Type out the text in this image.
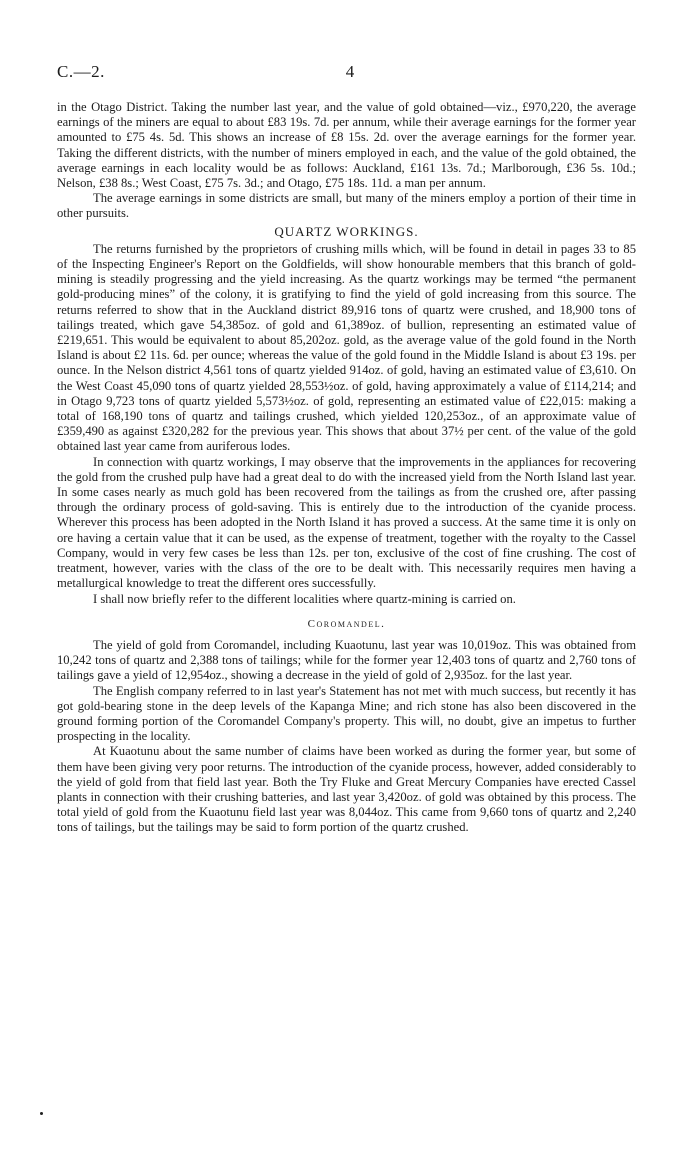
C.—2.	4

in the Otago District. Taking the number last year, and the value of gold obtained—viz., £970,220, the average earnings of the miners are equal to about £83 19s. 7d. per annum, while their average earnings for the former year amounted to £75 4s. 5d. This shows an increase of £8 15s. 2d. over the average earnings for the former year. Taking the different districts, with the number of miners employed in each, and the value of the gold obtained, the average earnings in each locality would be as follows: Auckland, £161 13s. 7d.; Marlborough, £36 5s. 10d.; Nelson, £38 8s.; West Coast, £75 7s. 3d.; and Otago, £75 18s. 11d. a man per annum.

The average earnings in some districts are small, but many of the miners employ a portion of their time in other pursuits.

QUARTZ WORKINGS.

The returns furnished by the proprietors of crushing mills which, will be found in detail in pages 33 to 85 of the Inspecting Engineer's Report on the Goldfields, will show honourable members that this branch of gold-mining is steadily progressing and the yield increasing. As the quartz workings may be termed “the permanent gold-producing mines” of the colony, it is gratifying to find the yield of gold increasing from this source. The returns referred to show that in the Auckland district 89,916 tons of quartz were crushed, and 18,900 tons of tailings treated, which gave 54,385oz. of gold and 61,389oz. of bullion, representing an estimated value of £219,651. This would be equivalent to about 85,202oz. gold, as the average value of the gold found in the North Island is about £2 11s. 6d. per ounce; whereas the value of the gold found in the Middle Island is about £3 19s. per ounce. In the Nelson district 4,561 tons of quartz yielded 914oz. of gold, having an estimated value of £3,610. On the West Coast 45,090 tons of quartz yielded 28,553½oz. of gold, having approximately a value of £114,214; and in Otago 9,723 tons of quartz yielded 5,573½oz. of gold, representing an estimated value of £22,015: making a total of 168,190 tons of quartz and tailings crushed, which yielded 120,253oz., of an approximate value of £359,490 as against £320,282 for the previous year. This shows that about 37½ per cent. of the value of the gold obtained last year came from auriferous lodes.

In connection with quartz workings, I may observe that the improvements in the appliances for recovering the gold from the crushed pulp have had a great deal to do with the increased yield from the North Island last year. In some cases nearly as much gold has been recovered from the tailings as from the crushed ore, after passing through the ordinary process of gold-saving. This is entirely due to the introduction of the cyanide process. Wherever this process has been adopted in the North Island it has proved a success. At the same time it is only on ore having a certain value that it can be used, as the expense of treatment, together with the royalty to the Cassel Company, would in very few cases be less than 12s. per ton, exclusive of the cost of fine crushing. The cost of treatment, however, varies with the class of the ore to be dealt with. This necessarily requires men having a metallurgical knowledge to treat the different ores successfully.

I shall now briefly refer to the different localities where quartz-mining is carried on.

Coromandel.

The yield of gold from Coromandel, including Kuaotunu, last year was 10,019oz. This was obtained from 10,242 tons of quartz and 2,388 tons of tailings; while for the former year 12,403 tons of quartz and 2,760 tons of tailings gave a yield of 12,954oz., showing a decrease in the yield of gold of 2,935oz. for the last year.

The English company referred to in last year's Statement has not met with much success, but recently it has got gold-bearing stone in the deep levels of the Kapanga Mine; and rich stone has also been discovered in the ground forming portion of the Coromandel Company's property. This will, no doubt, give an impetus to further prospecting in the locality.

At Kuaotunu about the same number of claims have been worked as during the former year, but some of them have been giving very poor returns. The introduction of the cyanide process, however, added considerably to the yield of gold from that field last year. Both the Try Fluke and Great Mercury Companies have erected Cassel plants in connection with their crushing batteries, and last year 3,420oz. of gold was obtained by this process. The total yield of gold from the Kuaotunu field last year was 8,044oz. This came from 9,660 tons of quartz and 2,240 tons of tailings, but the tailings may be said to form portion of the quartz crushed.
